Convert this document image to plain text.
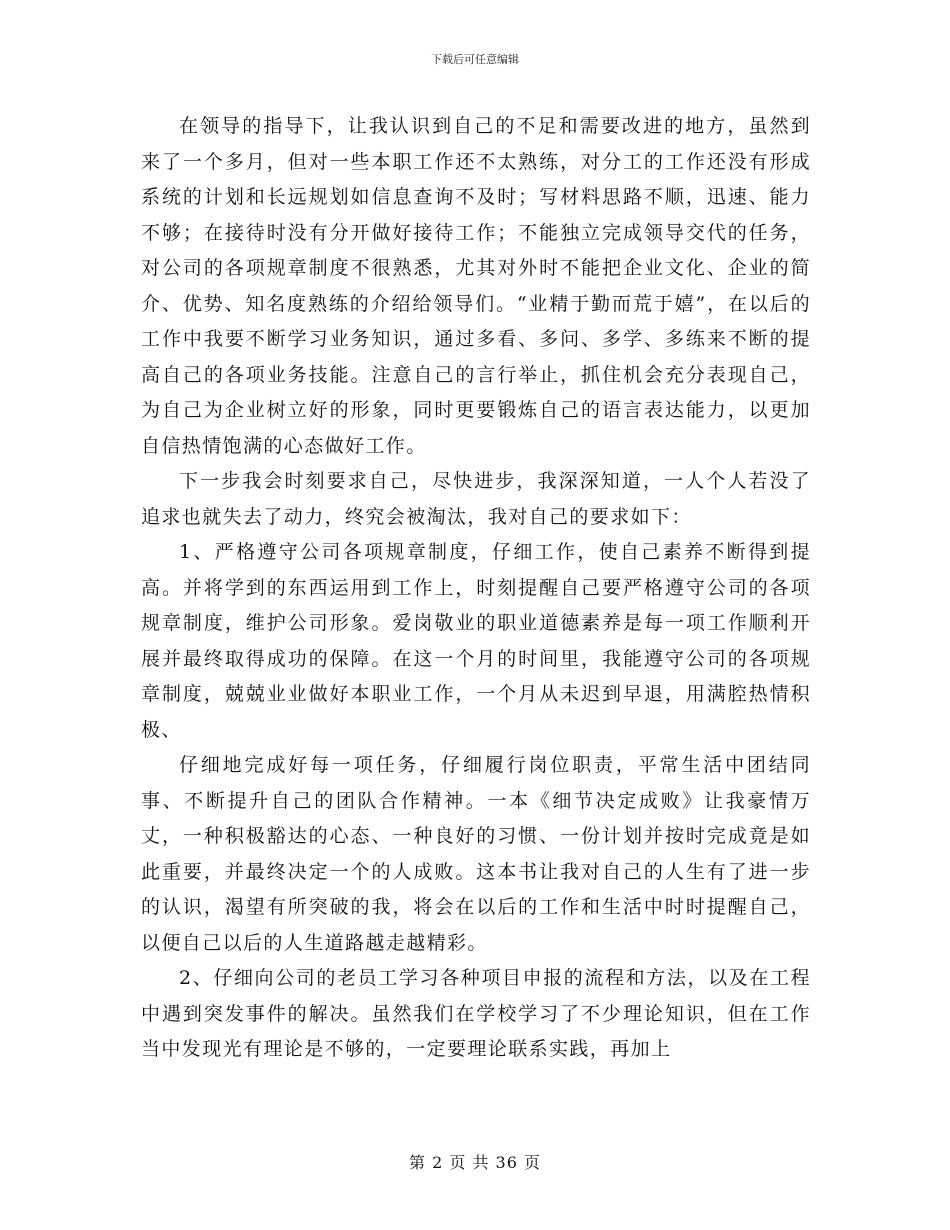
下载后可任意编辑

在领导的指导下，让我认识到自己的不足和需要改进的地方，虽然到来了一个多月，但对一些本职工作还不太熟练，对分工的工作还没有形成系统的计划和长远规划如信息查询不及时；写材料思路不顺，迅速、能力不够；在接待时没有分开做好接待工作；不能独立完成领导交代的任务，对公司的各项规章制度不很熟悉，尤其对外时不能把企业文化、企业的简介、优势、知名度熟练的介绍给领导们。“业精于勤而荒于嬉”，在以后的工作中我要不断学习业务知识，通过多看、多问、多学、多练来不断的提高自己的各项业务技能。注意自己的言行举止，抓住机会充分表现自己，为自己为企业树立好的形象，同时更要锻炼自己的语言表达能力，以更加自信热情饱满的心态做好工作。

下一步我会时刻要求自己，尽快进步，我深深知道，一人个人若没了追求也就失去了动力，终究会被淘汰，我对自己的要求如下：

1、严格遵守公司各项规章制度，仔细工作，使自己素养不断得到提高。并将学到的东西运用到工作上，时刻提醒自己要严格遵守公司的各项规章制度，维护公司形象。爱岗敬业的职业道德素养是每一项工作顺利开展并最终取得成功的保障。在这一个月的时间里，我能遵守公司的各项规章制度，兢兢业业做好本职业工作，一个月从未迟到早退，用满腔热情积极、

仔细地完成好每一项任务，仔细履行岗位职责，平常生活中团结同事、不断提升自己的团队合作精神。一本《细节决定成败》让我豪情万丈，一种积极豁达的心态、一种良好的习惯、一份计划并按时完成竟是如此重要，并最终决定一个的人成败。这本书让我对自己的人生有了进一步的认识，渴望有所突破的我，将会在以后的工作和生活中时时提醒自己，以便自己以后的人生道路越走越精彩。

2、仔细向公司的老员工学习各种项目申报的流程和方法，以及在工程中遇到突发事件的解决。虽然我们在学校学习了不少理论知识，但在工作当中发现光有理论是不够的，一定要理论联系实践，再加上

第 2 页 共 36 页
